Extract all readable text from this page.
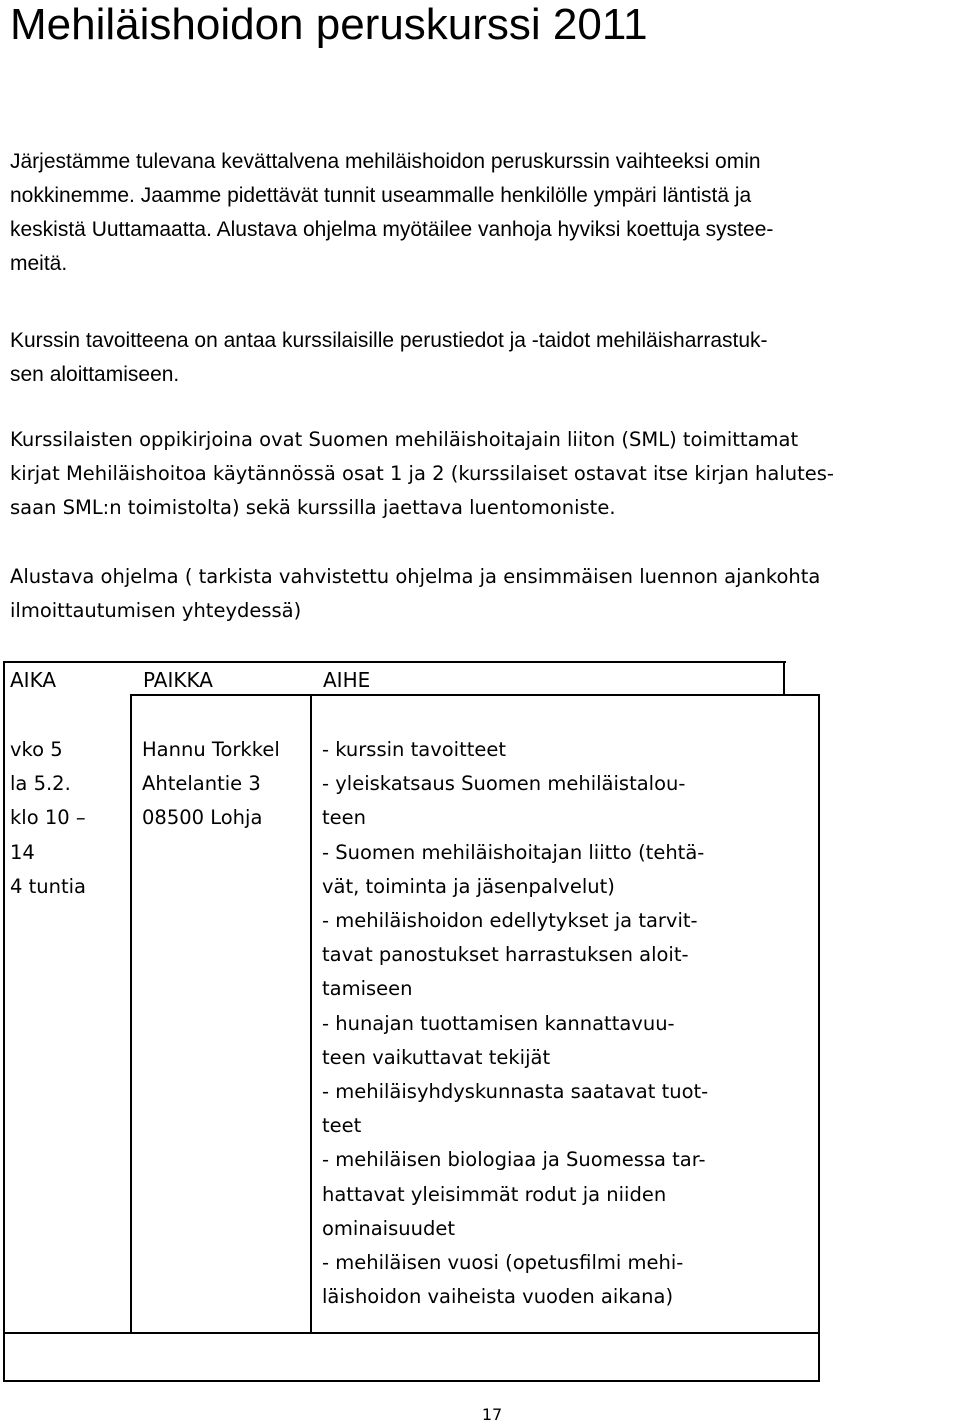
Mehiläishoidon peruskurssi 2011
Järjestämme tulevana kevättalvena mehiläishoidon peruskurssin vaihteeksi omin
nokkinemme. Jaamme pidettävät tunnit useammalle henkilölle ympäri läntistä ja
keskistä Uuttamaatta. Alustava ohjelma myötäilee vanhoja hyviksi koettuja systee-
meitä.
Kurssin tavoitteena on antaa kurssilaisille perustiedot ja -taidot mehiläisharrastuk-
sen aloittamiseen.
Kurssilaisten oppikirjoina ovat Suomen mehiläishoitajain liiton (SML) toimittamat
kirjat Mehiläishoitoa käytännössä osat 1 ja 2 (kurssilaiset ostavat itse kirjan halutes-
saan SML:n toimistolta) sekä kurssilla jaettava luentomoniste.
Alustava ohjelma ( tarkista vahvistettu ohjelma ja ensimmäisen luennon ajankohta
ilmoittautumisen yhteydessä)
AIKA	PAIKKA	AIHE
vko 5
la 5.2.
klo 10 –
14
4 tuntia
Hannu Torkkel
Ahtelantie 3
08500 Lohja
- kurssin tavoitteet
- yleiskatsaus Suomen mehiläistalou-
teen
- Suomen mehiläishoitajan liitto (tehtä-
vät, toiminta ja jäsenpalvelut)
- mehiläishoidon edellytykset ja tarvit-
tavat panostukset harrastuksen aloit-
tamiseen
- hunajan tuottamisen kannattavuu-
teen vaikuttavat tekijät
- mehiläisyhdyskunnasta saatavat tuot-
teet
- mehiläisen biologiaa ja Suomessa tar-
hattavat yleisimmät rodut ja niiden
ominaisuudet
- mehiläisen vuosi (opetusfilmi mehi-
läishoidon vaiheista vuoden aikana)
17
